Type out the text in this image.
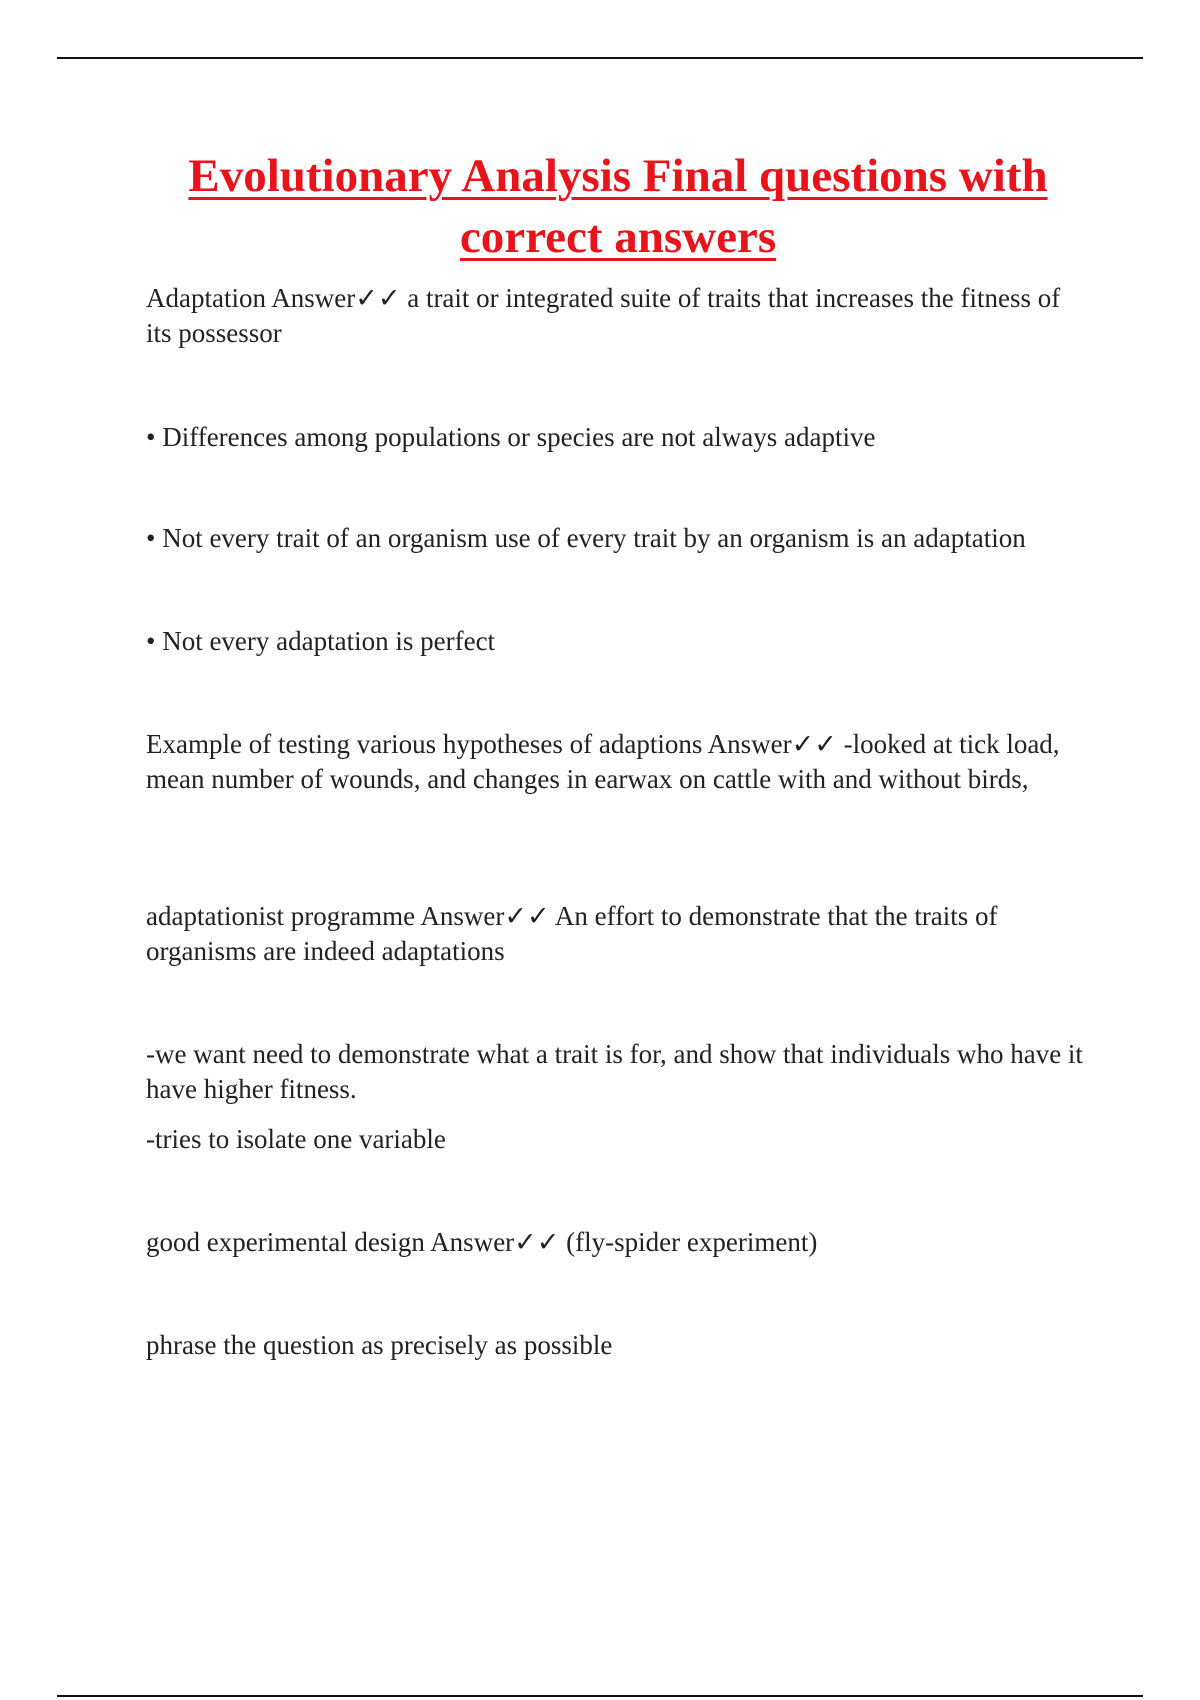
Evolutionary Analysis Final questions with correct answers

Adaptation Answer✓✓ a trait or integrated suite of traits that increases the fitness of its possessor

• Differences among populations or species are not always adaptive

• Not every trait of an organism use of every trait by an organism is an adaptation

• Not every adaptation is perfect

Example of testing various hypotheses of adaptions Answer✓✓ -looked at tick load, mean number of wounds, and changes in earwax on cattle with and without birds,

adaptationist programme Answer✓✓ An effort to demonstrate that the traits of organisms are indeed adaptations

-we want need to demonstrate what a trait is for, and show that individuals who have it have higher fitness.

-tries to isolate one variable

good experimental design Answer✓✓ (fly-spider experiment)

phrase the question as precisely as possible
